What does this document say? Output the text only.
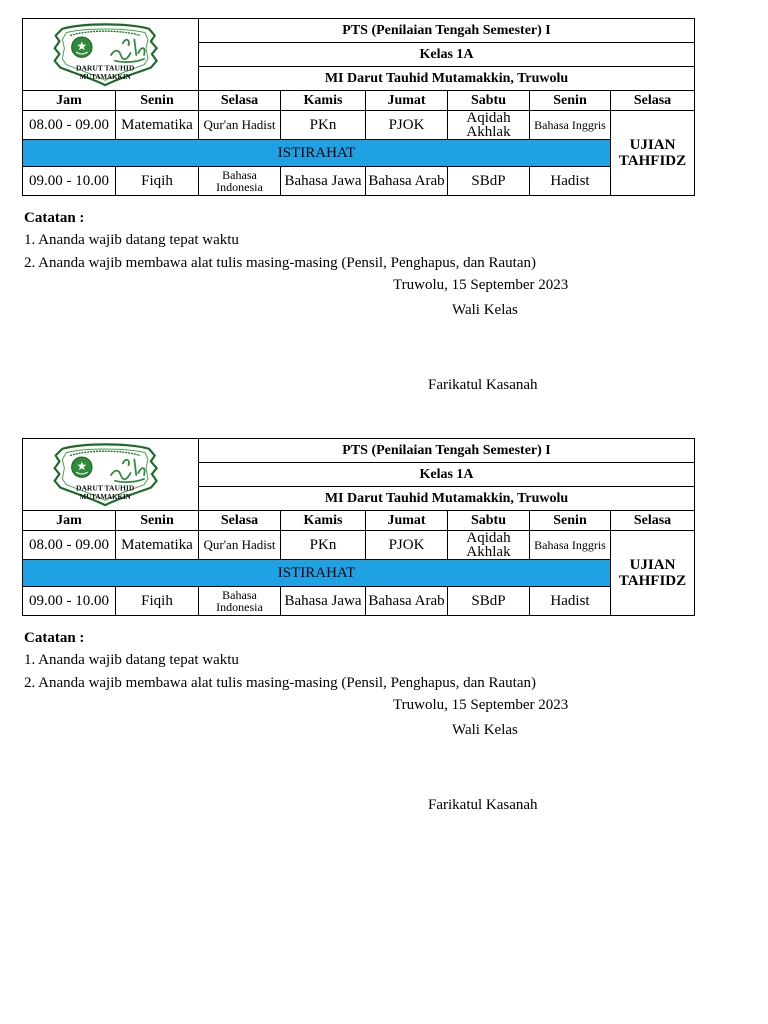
DARUT TAUHID
MUTAMAKKIN		PTS (Penilaian Tengah Semester) I					
		Kelas 1A					
		MI Darut Tauhid Mutamakkin, Truwolu					
Jam	Senin	Selasa	Kamis	Jumat	Sabtu	Senin	Selasa
08.00 - 09.00	Matematika	Qur'an Hadist	PKn	PJOK	Aqidah Akhlak	Bahasa Inggris	UJIAN TAHFIDZ

ISTIRAHAT							
09.00 - 10.00	Fiqih	Bahasa Indonesia	Bahasa Jawa	Bahasa Arab	SBdP	Hadist	
Catatan :
1. Ananda wajib datang tepat waktu
2. Ananda wajib membawa alat tulis masing-masing (Pensil, Penghapus, dan Rautan)
Truwolu, 15 September 2023
Wali Kelas
Farikatul Kasanah
DARUT TAUHID
MUTAMAKKIN		PTS (Penilaian Tengah Semester) I					
		Kelas 1A					
		MI Darut Tauhid Mutamakkin, Truwolu					
Jam	Senin	Selasa	Kamis	Jumat	Sabtu	Senin	Selasa
08.00 - 09.00	Matematika	Qur'an Hadist	PKn	PJOK	Aqidah Akhlak	Bahasa Inggris	UJIAN TAHFIDZ

ISTIRAHAT							
09.00 - 10.00	Fiqih	Bahasa Indonesia	Bahasa Jawa	Bahasa Arab	SBdP	Hadist	
Catatan :
1. Ananda wajib datang tepat waktu
2. Ananda wajib membawa alat tulis masing-masing (Pensil, Penghapus, dan Rautan)
Truwolu, 15 September 2023
Wali Kelas
Farikatul Kasanah
